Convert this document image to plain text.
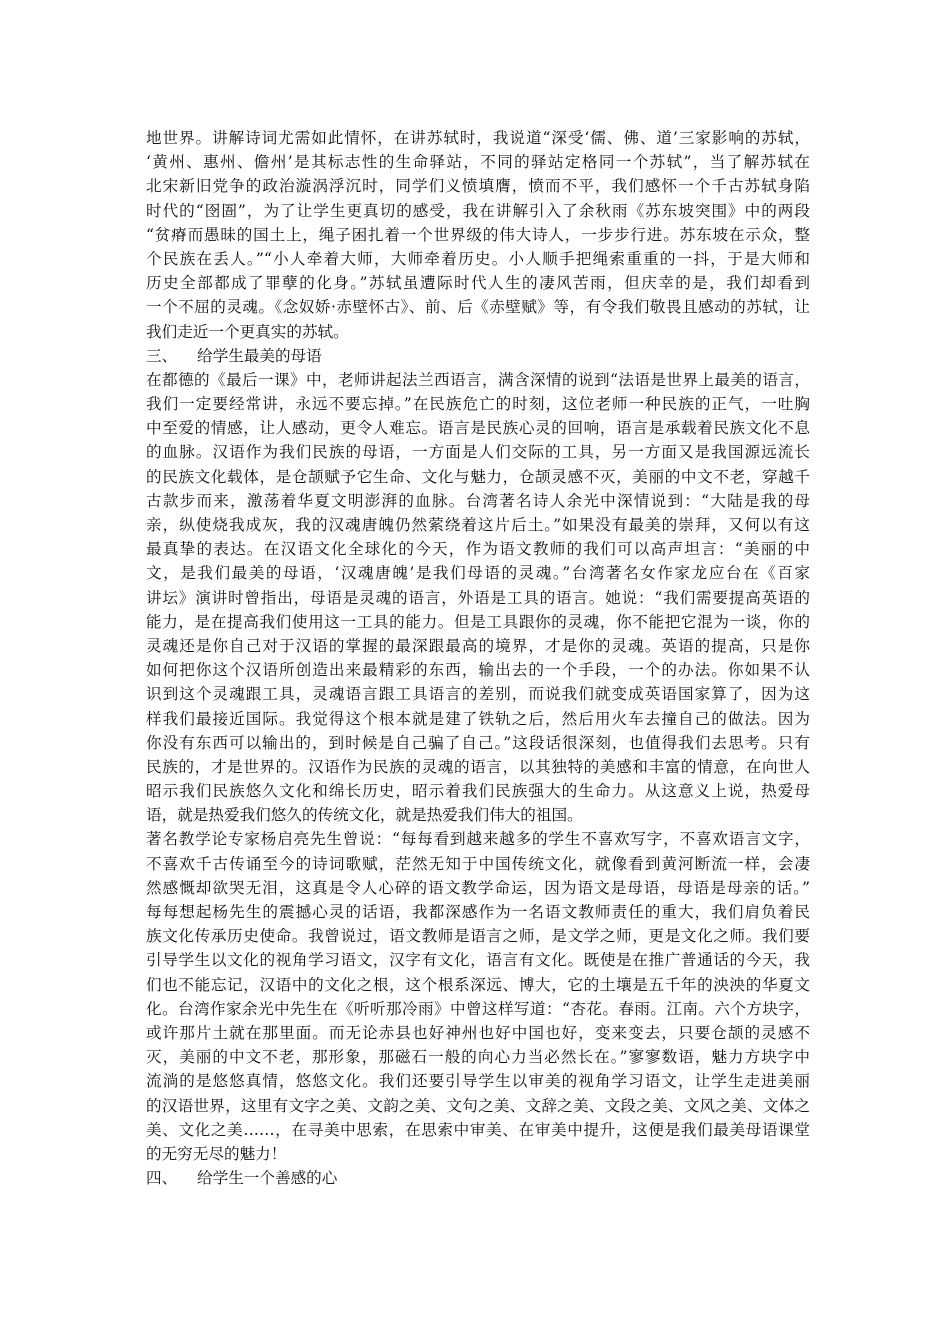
地世界。讲解诗词尤需如此情怀，在讲苏轼时，我说道“深受‘儒、佛、道’三家影响的苏轼，
‘黄州、惠州、儋州’是其标志性的生命驿站，不同的驿站定格同一个苏轼”，当了解苏轼在
北宋新旧党争的政治漩涡浮沉时，同学们义愤填膺，愤而不平，我们感怀一个千古苏轼身陷
时代的“囹圄”，为了让学生更真切的感受，我在讲解引入了余秋雨《苏东坡突围》中的两段
“贫瘠而愚昧的国土上，绳子困扎着一个世界级的伟大诗人，一步步行进。苏东坡在示众，整
个民族在丢人。”“小人牵着大师，大师牵着历史。小人顺手把绳索重重的一抖，于是大师和
历史全部都成了罪孽的化身。”苏轼虽遭际时代人生的凄风苦雨，但庆幸的是，我们却看到
一个不屈的灵魂。《念奴娇·赤壁怀古》、前、后《赤壁赋》等，有令我们敬畏且感动的苏轼，让
我们走近一个更真实的苏轼。
三、    给学生最美的母语
在都德的《最后一课》中，老师讲起法兰西语言，满含深情的说到“法语是世界上最美的语言，
我们一定要经常讲，永远不要忘掉。”在民族危亡的时刻，这位老师一种民族的正气，一吐胸
中至爱的情感，让人感动，更令人难忘。语言是民族心灵的回响，语言是承载着民族文化不息
的血脉。汉语作为我们民族的母语，一方面是人们交际的工具，另一方面又是我国源远流长
的民族文化载体，是仓颉赋予它生命、文化与魅力，仓颉灵感不灭，美丽的中文不老，穿越千
古款步而来，激荡着华夏文明澎湃的血脉。台湾著名诗人余光中深情说到：“大陆是我的母
亲，纵使烧我成灰，我的汉魂唐魄仍然萦绕着这片后土。”如果没有最美的崇拜，又何以有这
最真挚的表达。在汉语文化全球化的今天，作为语文教师的我们可以高声坦言：“美丽的中
文，是我们最美的母语，‘汉魂唐魄’是我们母语的灵魂。”台湾著名女作家龙应台在《百家
讲坛》演讲时曾指出，母语是灵魂的语言，外语是工具的语言。她说：“我们需要提高英语的
能力，是在提高我们使用这一工具的能力。但是工具跟你的灵魂，你不能把它混为一谈，你的
灵魂还是你自己对于汉语的掌握的最深跟最高的境界，才是你的灵魂。英语的提高，只是你
如何把你这个汉语所创造出来最精彩的东西，输出去的一个手段，一个的办法。你如果不认
识到这个灵魂跟工具，灵魂语言跟工具语言的差别，而说我们就变成英语国家算了，因为这
样我们最接近国际。我觉得这个根本就是建了铁轨之后，然后用火车去撞自己的做法。因为
你没有东西可以输出的，到时候是自己骗了自己。”这段话很深刻，也值得我们去思考。只有
民族的，才是世界的。汉语作为民族的灵魂的语言，以其独特的美感和丰富的情意，在向世人
昭示我们民族悠久文化和绵长历史，昭示着我们民族强大的生命力。从这意义上说，热爱母
语，就是热爱我们悠久的传统文化，就是热爱我们伟大的祖国。
著名教学论专家杨启亮先生曾说：“每每看到越来越多的学生不喜欢写字，不喜欢语言文字，
不喜欢千古传诵至今的诗词歌赋，茫然无知于中国传统文化，就像看到黄河断流一样，会凄
然感慨却欲哭无泪，这真是令人心碎的语文教学命运，因为语文是母语，母语是母亲的话。”
每每想起杨先生的震撼心灵的话语，我都深感作为一名语文教师责任的重大，我们肩负着民
族文化传承历史使命。我曾说过，语文教师是语言之师，是文学之师，更是文化之师。我们要
引导学生以文化的视角学习语文，汉字有文化，语言有文化。既使是在推广普通话的今天，我
们也不能忘记，汉语中的文化之根，这个根系深远、博大，它的土壤是五千年的泱泱的华夏文
化。台湾作家余光中先生在《听听那冷雨》中曾这样写道：“杏花。春雨。江南。六个方块字，
或许那片土就在那里面。而无论赤县也好神州也好中国也好，变来变去，只要仓颉的灵感不
灭，美丽的中文不老，那形象，那磁石一般的向心力当必然长在。”寥寥数语，魅力方块字中
流淌的是悠悠真情，悠悠文化。我们还要引导学生以审美的视角学习语文，让学生走进美丽
的汉语世界，这里有文字之美、文韵之美、文句之美、文辞之美、文段之美、文风之美、文体之
美、文化之美……，在寻美中思索，在思索中审美、在审美中提升，这便是我们最美母语课堂
的无穷无尽的魅力！
四、    给学生一个善感的心
